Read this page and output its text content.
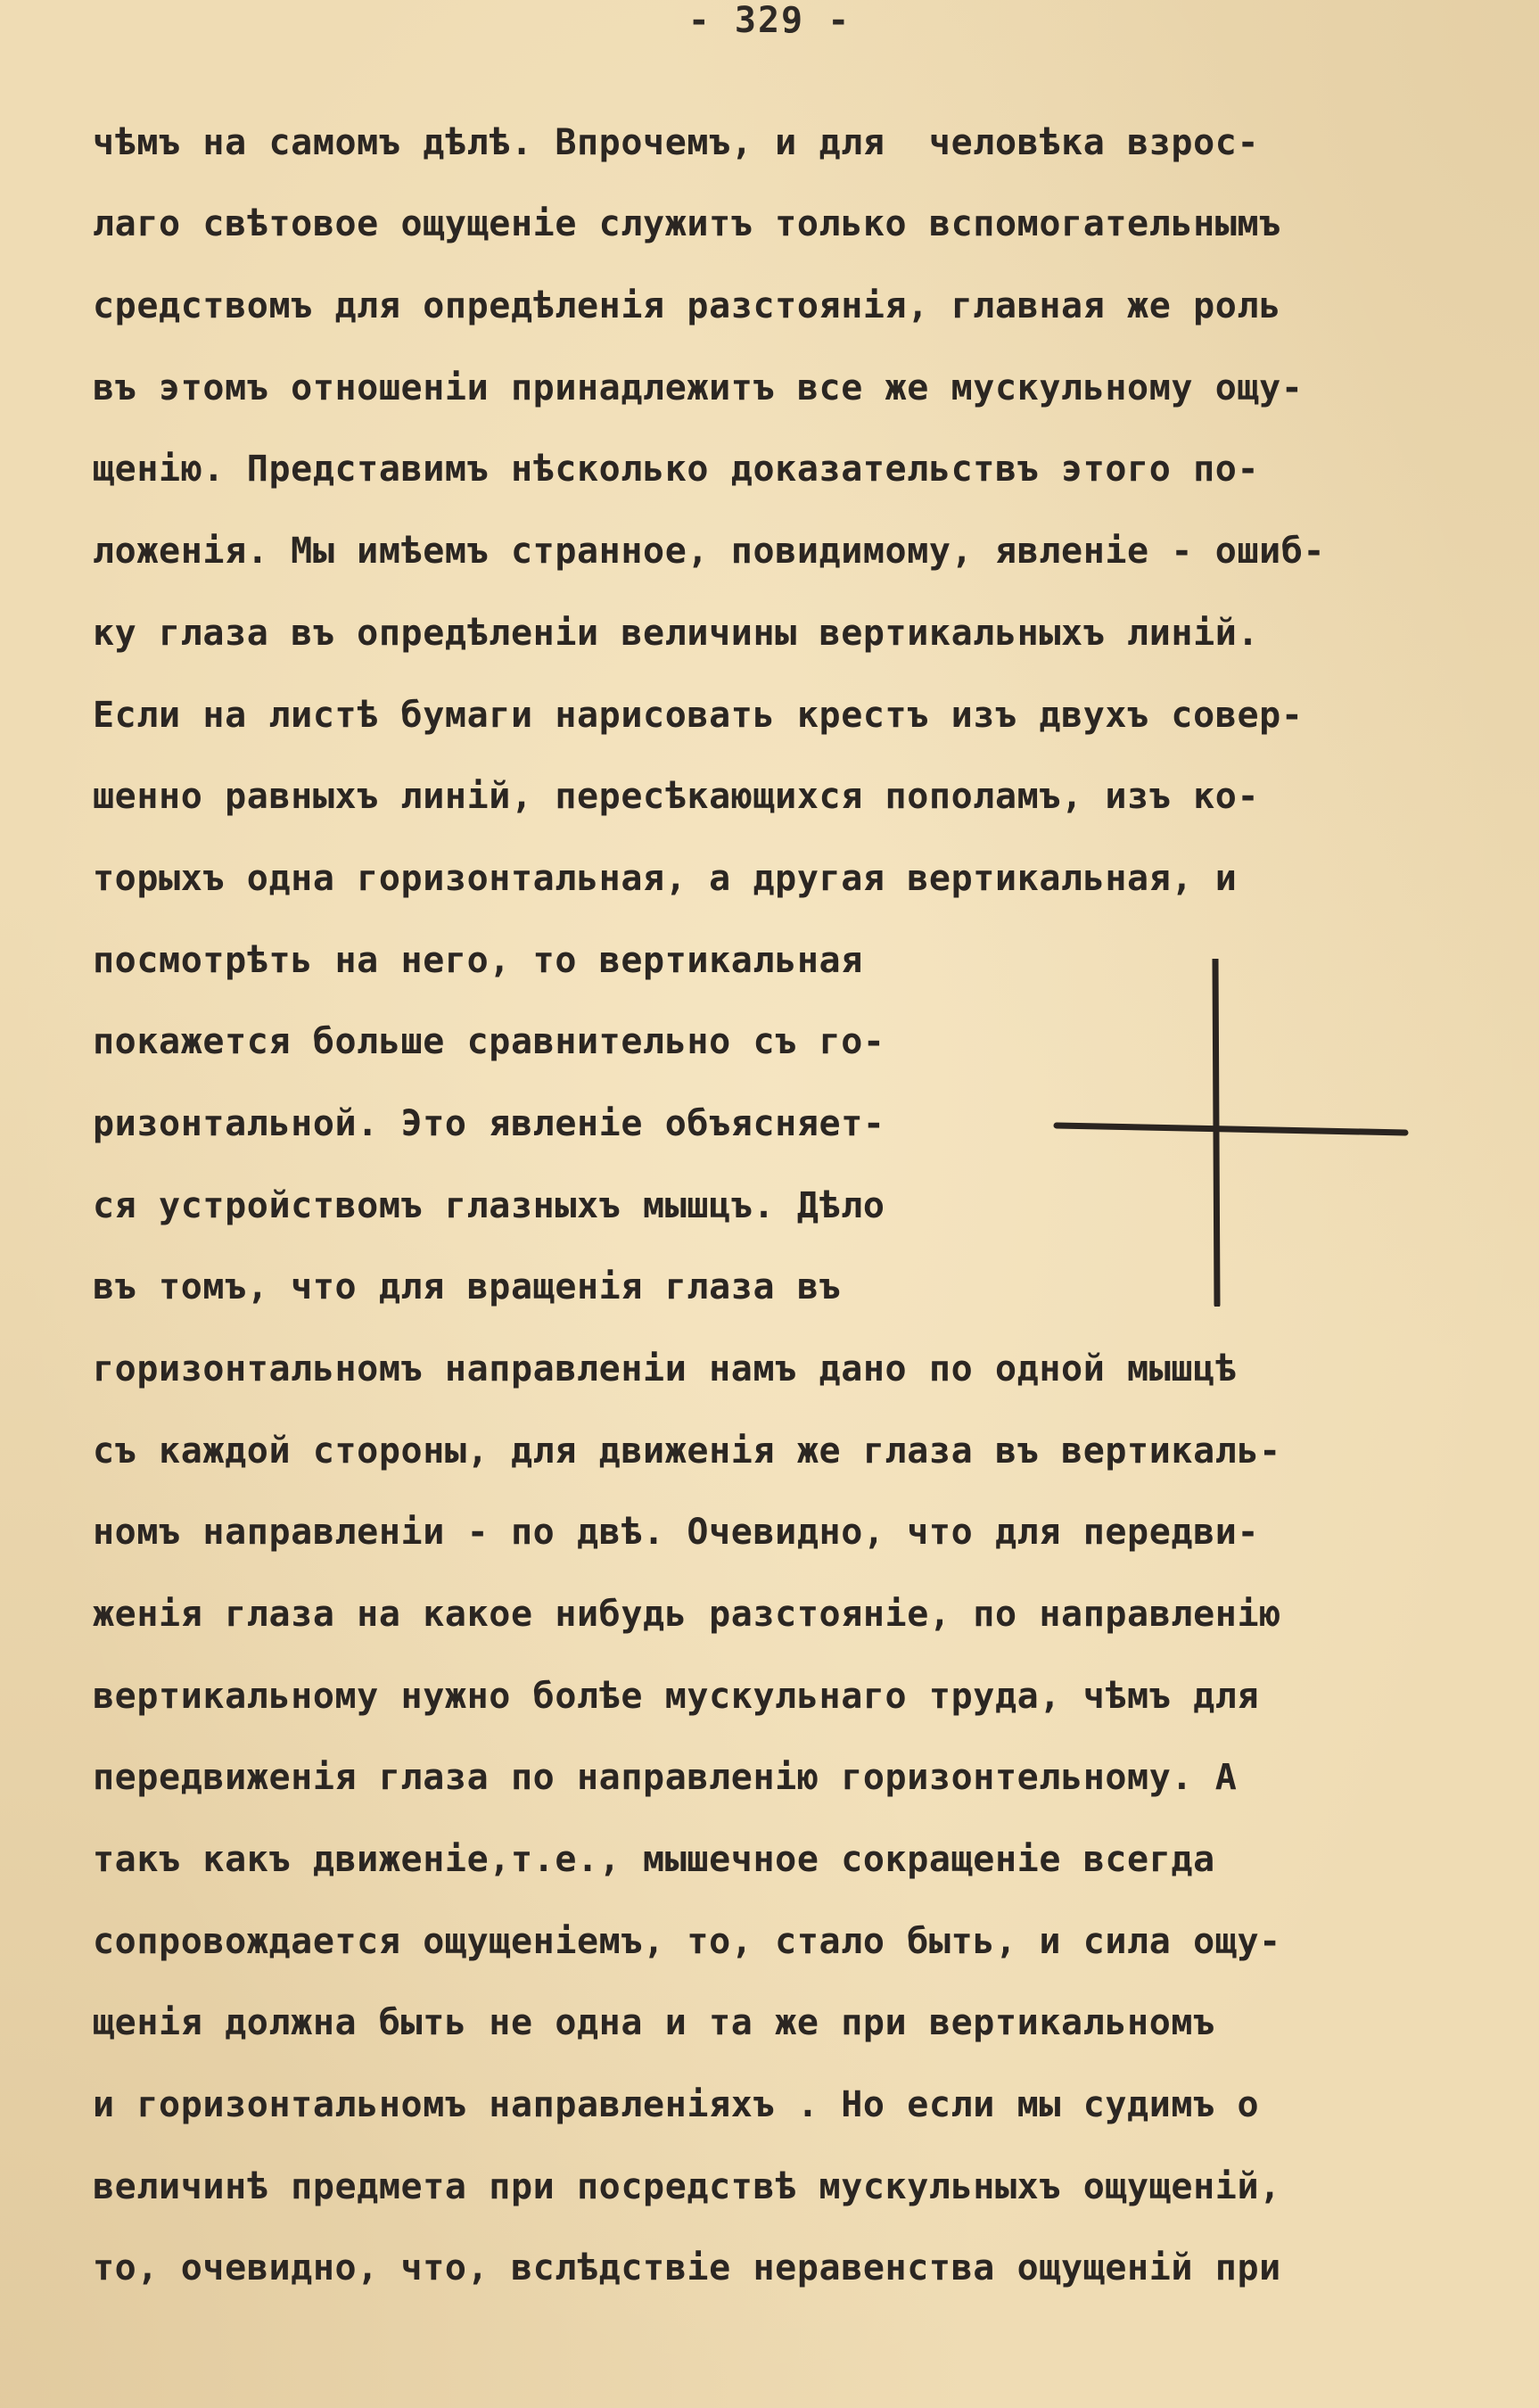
- 329 -
чѣмъ на самомъ дѣлѣ. Впрочемъ, и для  человѣка взрос-
лаго свѣтовое ощущенiе служитъ только вспомогательнымъ
средствомъ для опредѣленiя разстоянiя, главная же роль
въ этомъ отношенiи принадлежитъ все же мускульному ощу-
щенiю. Представимъ нѣсколько доказательствъ этого по-
ложенiя. Мы имѣемъ странное, повидимому, явленiе - ошиб-
ку глаза въ опредѣленiи величины вертикальныхъ линiй.
Если на листѣ бумаги нарисовать крестъ изъ двухъ совер-
шенно равныхъ линiй, пересѣкающихся пополамъ, изъ ко-
торыхъ одна горизонтальная, а другая вертикальная, и
посмотрѣть на него, то вертикальная
покажется больше сравнительно съ го-
ризонтальной. Это явленiе объясняет-
ся устройствомъ глазныхъ мышцъ. Дѣло
въ томъ, что для вращенiя глаза въ
горизонтальномъ направленiи намъ дано по одной мышцѣ
съ каждой стороны, для движенiя же глаза въ вертикаль-
номъ направленiи - по двѣ. Очевидно, что для передви-
женiя глаза на какое нибудь разстоянiе, по направленiю
вертикальному нужно болѣе мускульнаго труда, чѣмъ для
передвиженiя глаза по направленiю горизонтельному. А
такъ какъ движенiе,т.е., мышечное сокращенiе всегда
сопровождается ощущенiемъ, то, стало быть, и сила ощу-
щенiя должна быть не одна и та же при вертикальномъ
и горизонтальномъ направленiяхъ . Но если мы судимъ о
величинѣ предмета при посредствѣ мускульныхъ ощущенiй,
то, очевидно, что, вслѣдствiе неравенства ощущенiй при
